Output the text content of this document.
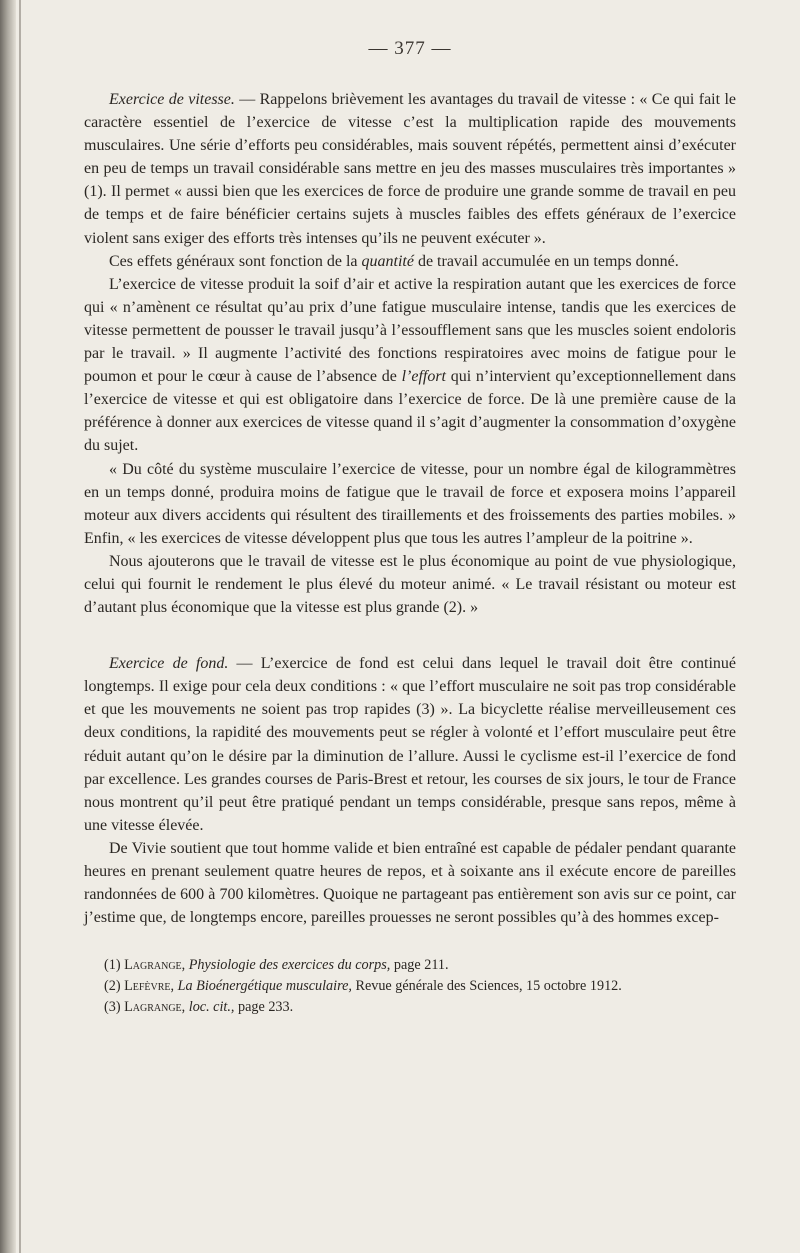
— 377 —

Exercice de vitesse. — Rappelons brièvement les avantages du travail de vitesse : « Ce qui fait le caractère essentiel de l’exercice de vitesse c’est la multiplication rapide des mouvements musculaires. Une série d’efforts peu considérables, mais souvent répétés, permettent ainsi d’exécuter en peu de temps un travail considérable sans mettre en jeu des masses musculaires très importantes » (1). Il permet « aussi bien que les exercices de force de produire une grande somme de travail en peu de temps et de faire bénéficier certains sujets à muscles faibles des effets généraux de l’exercice violent sans exiger des efforts très intenses qu’ils ne peuvent exécuter ».

Ces effets généraux sont fonction de la quantité de travail accumulée en un temps donné.

L’exercice de vitesse produit la soif d’air et active la respiration autant que les exercices de force qui « n’amènent ce résultat qu’au prix d’une fatigue musculaire intense, tandis que les exercices de vitesse permettent de pousser le travail jusqu’à l’essoufflement sans que les muscles soient endoloris par le travail. » Il augmente l’activité des fonctions respiratoires avec moins de fatigue pour le poumon et pour le cœur à cause de l’absence de l’effort qui n’intervient qu’exceptionnellement dans l’exercice de vitesse et qui est obligatoire dans l’exercice de force. De là une première cause de la préférence à donner aux exercices de vitesse quand il s’agit d’augmenter la consommation d’oxygène du sujet.

« Du côté du système musculaire l’exercice de vitesse, pour un nombre égal de kilogrammètres en un temps donné, produira moins de fatigue que le travail de force et exposera moins l’appareil moteur aux divers accidents qui résultent des tiraillements et des froissements des parties mobiles. » Enfin, « les exercices de vitesse développent plus que tous les autres l’ampleur de la poitrine ».

Nous ajouterons que le travail de vitesse est le plus économique au point de vue physiologique, celui qui fournit le rendement le plus élevé du moteur animé. « Le travail résistant ou moteur est d’autant plus économique que la vitesse est plus grande (2). »

Exercice de fond. — L’exercice de fond est celui dans lequel le travail doit être continué longtemps. Il exige pour cela deux conditions : « que l’effort musculaire ne soit pas trop considérable et que les mouvements ne soient pas trop rapides (3) ». La bicyclette réalise merveilleusement ces deux conditions, la rapidité des mouvements peut se régler à volonté et l’effort musculaire peut être réduit autant qu’on le désire par la diminution de l’allure. Aussi le cyclisme est-il l’exercice de fond par excellence. Les grandes courses de Paris-Brest et retour, les courses de six jours, le tour de France nous montrent qu’il peut être pratiqué pendant un temps considérable, presque sans repos, même à une vitesse élevée.

De Vivie soutient que tout homme valide et bien entraîné est capable de pédaler pendant quarante heures en prenant seulement quatre heures de repos, et à soixante ans il exécute encore de pareilles randonnées de 600 à 700 kilomètres. Quoique ne partageant pas entièrement son avis sur ce point, car j’estime que, de longtemps encore, pareilles prouesses ne seront possibles qu’à des hommes excep-

(1) Lagrange, Physiologie des exercices du corps, page 211.

(2) Lefèvre, La Bioénergétique musculaire, Revue générale des Sciences, 15 octobre 1912.

(3) Lagrange, loc. cit., page 233.
